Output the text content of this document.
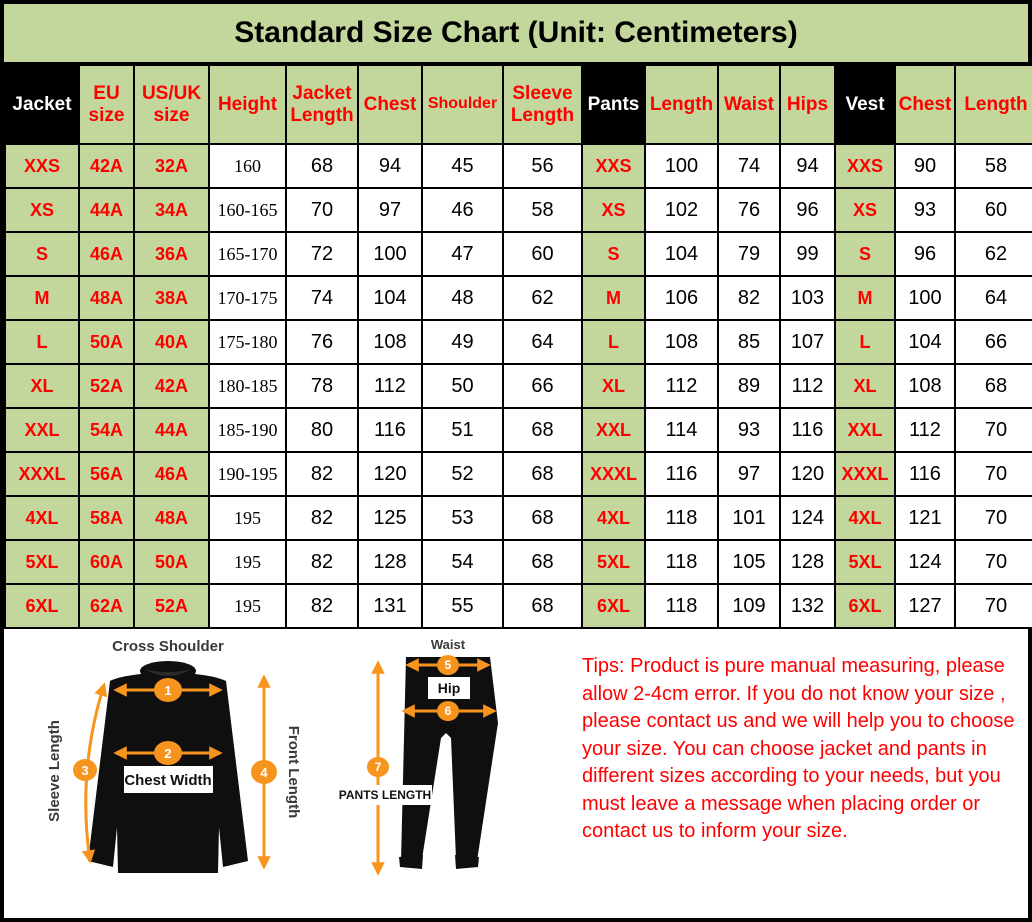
Standard Size Chart (Unit: Centimeters)
Jacket	EU size	US/UK size	Height	Jacket Length	Chest	Shoulder	Sleeve Length	Pants	Length	Waist	Hips	Vest	Chest	Length
XXS	42A	32A	160	68	94	45	56	XXS	100	74	94	XXS	90	58
XS	44A	34A	160-165	70	97	46	58	XS	102	76	96	XS	93	60
S	46A	36A	165-170	72	100	47	60	S	104	79	99	S	96	62
M	48A	38A	170-175	74	104	48	62	M	106	82	103	M	100	64
L	50A	40A	175-180	76	108	49	64	L	108	85	107	L	104	66
XL	52A	42A	180-185	78	112	50	66	XL	112	89	112	XL	108	68
XXL	54A	44A	185-190	80	116	51	68	XXL	114	93	116	XXL	112	70
XXXL	56A	46A	190-195	82	120	52	68	XXXL	116	97	120	XXXL	116	70
4XL	58A	48A	195	82	125	53	68	4XL	118	101	124	4XL	121	70
5XL	60A	50A	195	82	128	54	68	5XL	118	105	128	5XL	124	70
6XL	62A	52A	195	82	131	55	68	6XL	118	109	132	6XL	127	70
Cross Shoulder
1
2
Chest Width
3
Sleeve Length	4 Front Length
Waist
5
Hip
6
7
PANTS LENGTH
Tips: Product is pure manual measuring, please allow 2-4cm error. If you do not know your size , please contact us and we will help you to choose your size. You can choose jacket and pants in different sizes according to your needs, but you must leave a message when placing order or contact us to inform your size.
